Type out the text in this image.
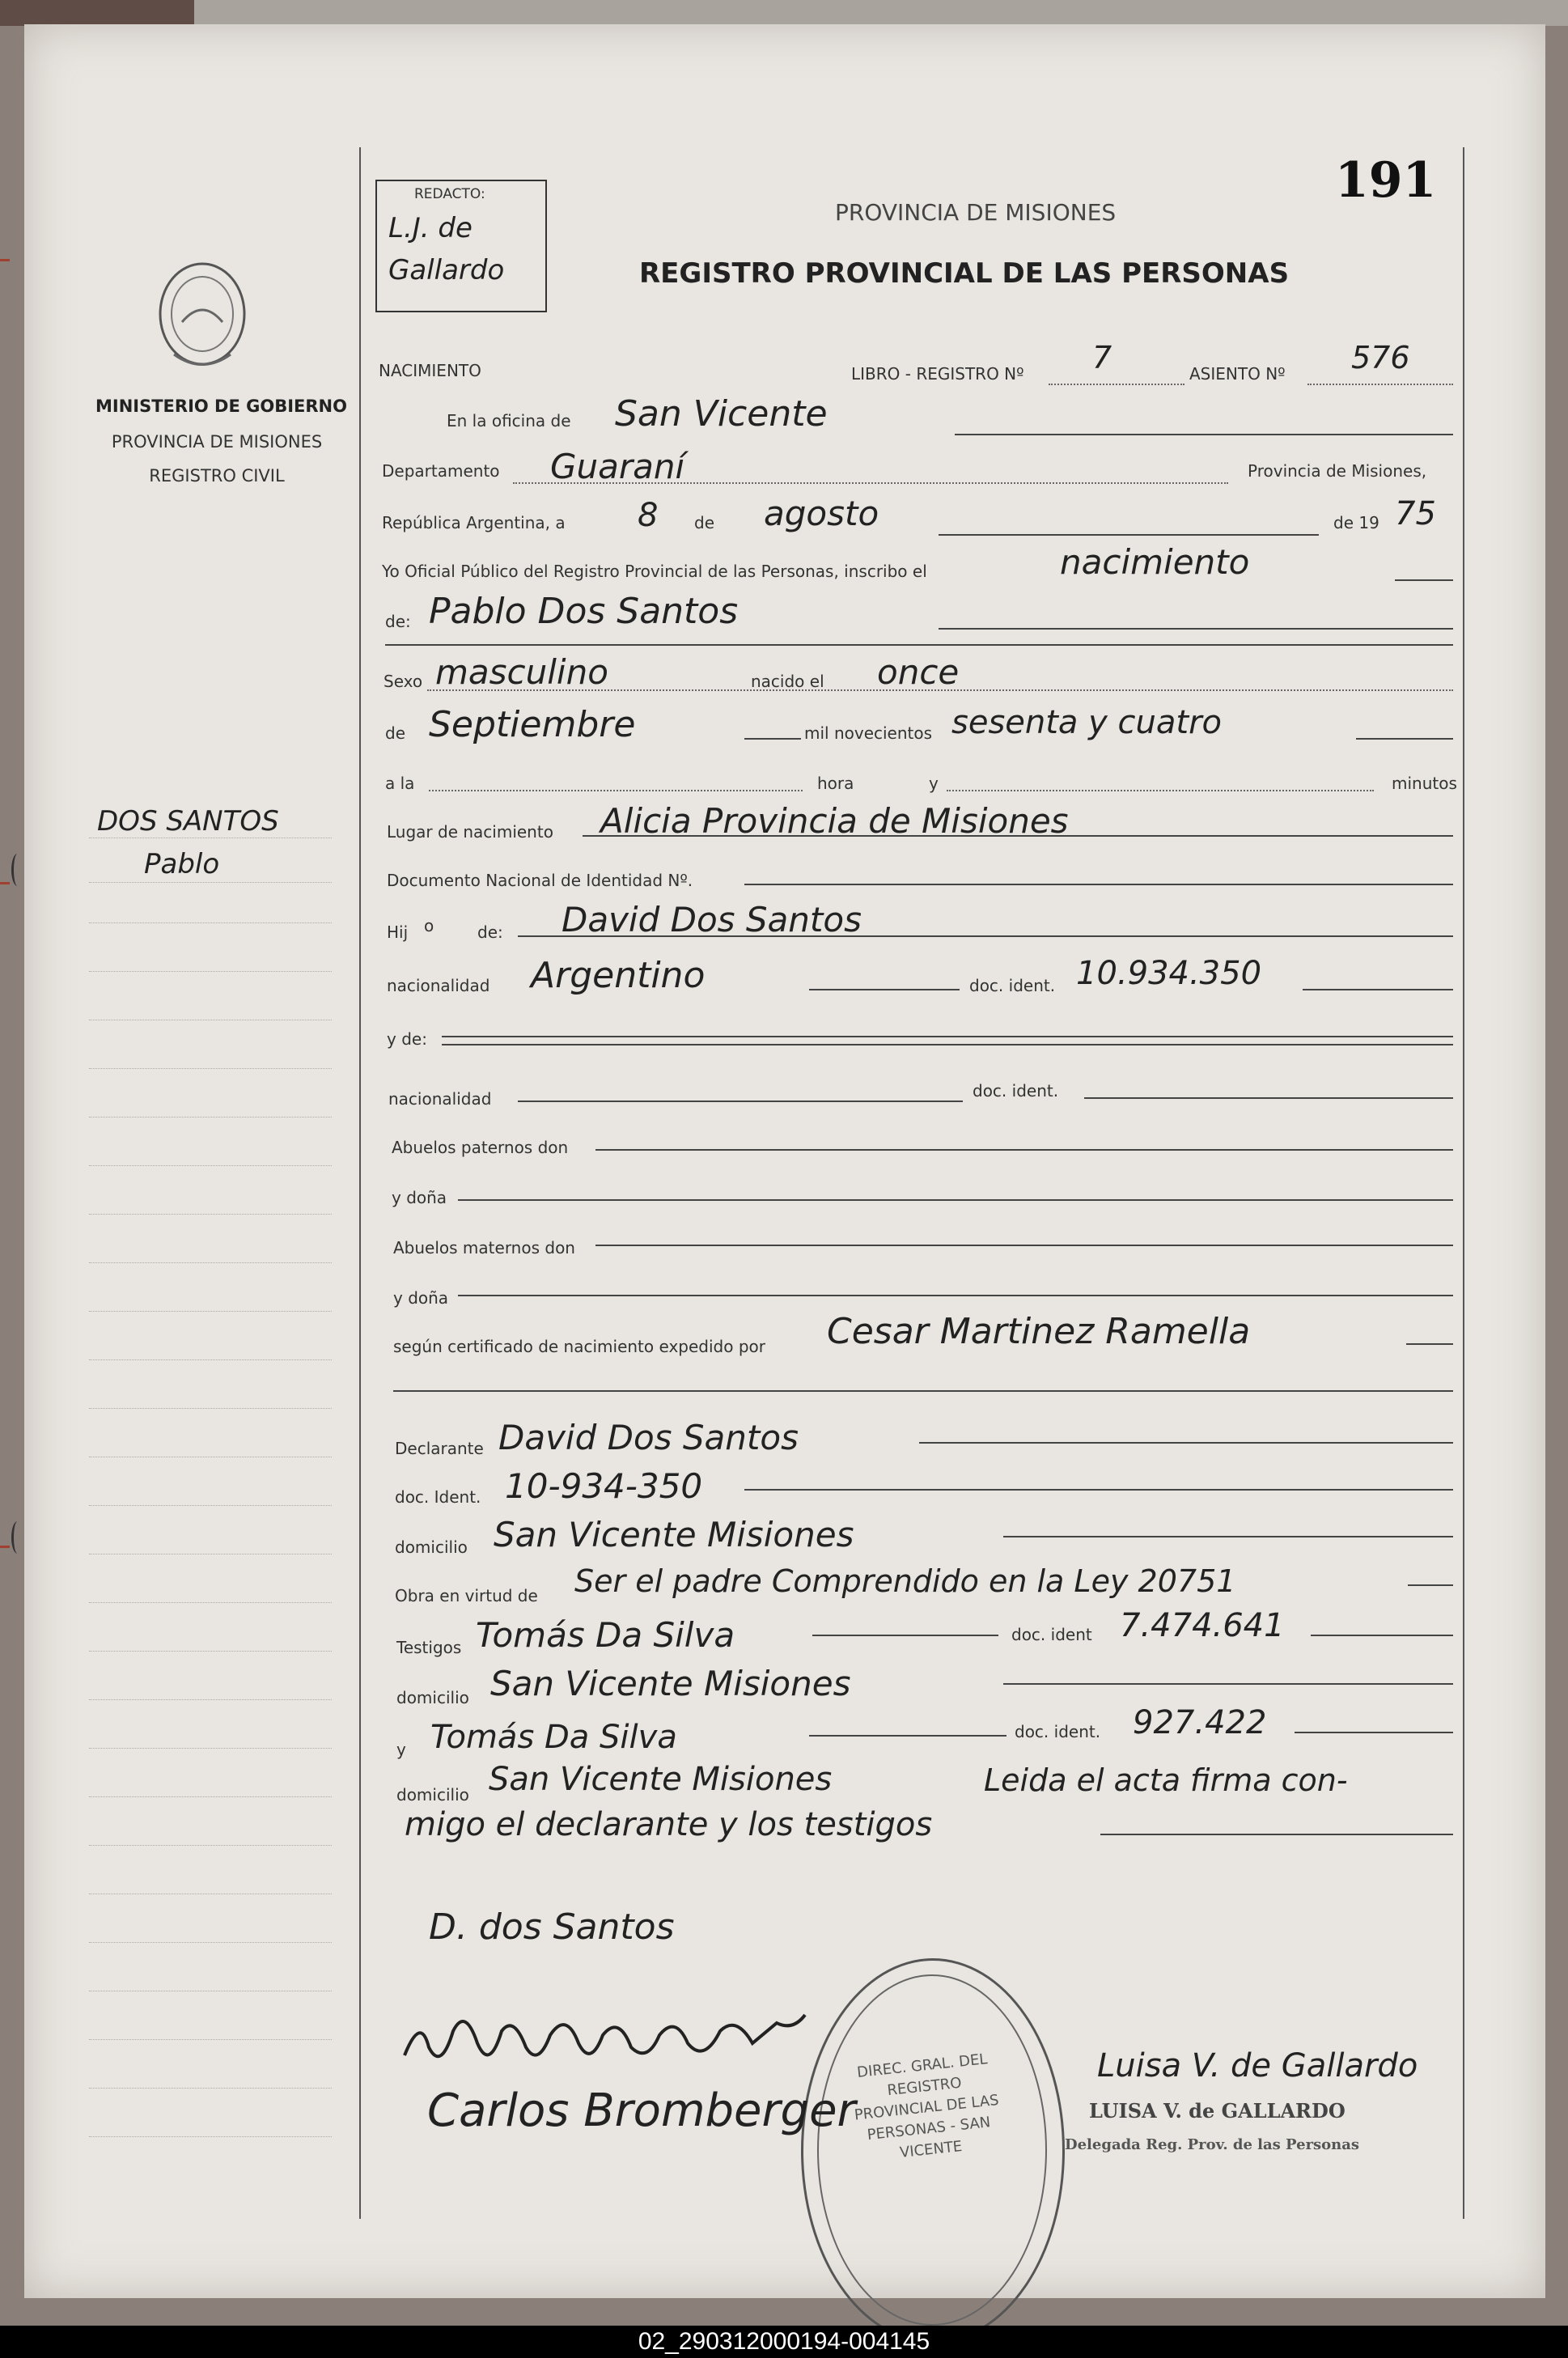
MINISTERIO DE GOBIERNO
PROVINCIA DE MISIONES
REGISTRO CIVIL
DOS SANTOS
Pablo
REDACTO:
L.J. de Gallardo
191
PROVINCIA DE MISIONES
REGISTRO PROVINCIAL DE LAS PERSONAS
NACIMIENTO	LIBRO - REGISTRO Nº 7	ASIENTO Nº 576
En la oficina de San Vicente
Departamento Guaraní	Provincia de Misiones,
República Argentina, a 8 de agosto	de 19 75
Yo Oficial Público del Registro Provincial de las Personas, inscribo el	nacimiento
de: Pablo Dos Santos
Sexo masculino	nacido el once
de Septiembre	mil novecientos sesenta y cuatro
a la	hora	y	minutos
Lugar de nacimiento Alicia Provincia de Misiones
Documento Nacional de Identidad Nº.
Hij o	de: David Dos Santos
nacionalidad Argentino	doc. ident. 10.934.350
y de:
nacionalidad	doc. ident.
Abuelos paternos don
y doña
Abuelos maternos don
y doña
según certificado de nacimiento expedido por Cesar Martinez Ramella
Declarante David Dos Santos
doc. Ident. 10-934-350
domicilio San Vicente Misiones
Obra en virtud de Ser el padre Comprendido en la Ley 20751
Testigos Tomás Da Silva	doc. ident 7.474.641
domicilio San Vicente Misiones
y Tomás Da Silva	doc. ident. 927.422
domicilio San Vicente Misiones	Leida el acta firma con-
migo el declarante y los testigos
D. dos Santos
DIREC. GRAL. DEL REGISTRO PROVINCIAL DE LAS PERSONAS - SAN VICENTE
Carlos Bromberger
Luisa V. de Gallardo
LUISA V. de GALLARDO
Delegada Reg. Prov. de las Personas
02_290312000194-004145
